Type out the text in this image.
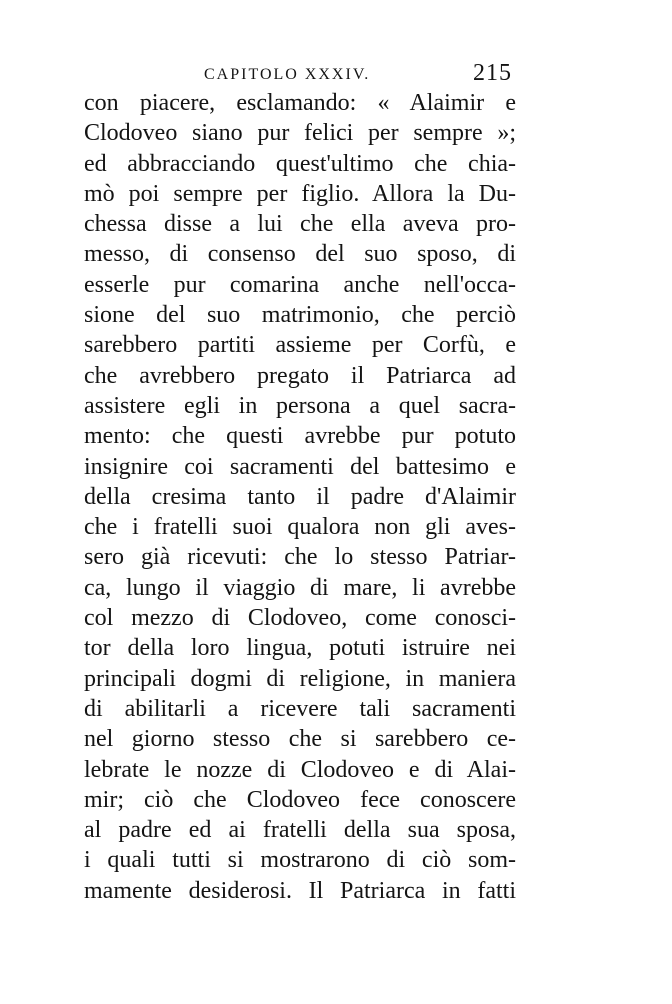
CAPITOLO XXXIV.	215
con piacere, esclamando: « Alaimir e
Clodoveo siano pur felici per sempre »;
ed abbracciando quest'ultimo che chia-
mò poi sempre per figlio. Allora la Du-
chessa disse a lui che ella aveva pro-
messo, di consenso del suo sposo, di
esserle pur comarina anche nell'occa-
sione del suo matrimonio, che perciò
sarebbero partiti assieme per Corfù, e
che avrebbero pregato il Patriarca ad
assistere egli in persona a quel sacra-
mento: che questi avrebbe pur potuto
insignire coi sacramenti del battesimo e
della cresima tanto il padre d'Alaimir
che i fratelli suoi qualora non gli aves-
sero già ricevuti: che lo stesso Patriar-
ca, lungo il viaggio di mare, li avrebbe
col mezzo di Clodoveo, come conosci-
tor della loro lingua, potuti istruire nei
principali dogmi di religione, in maniera
di abilitarli a ricevere tali sacramenti
nel giorno stesso che si sarebbero ce-
lebrate le nozze di Clodoveo e di Alai-
mir; ciò che Clodoveo fece conoscere
al padre ed ai fratelli della sua sposa,
i quali tutti si mostrarono di ciò som-
mamente desiderosi. Il Patriarca in fatti
